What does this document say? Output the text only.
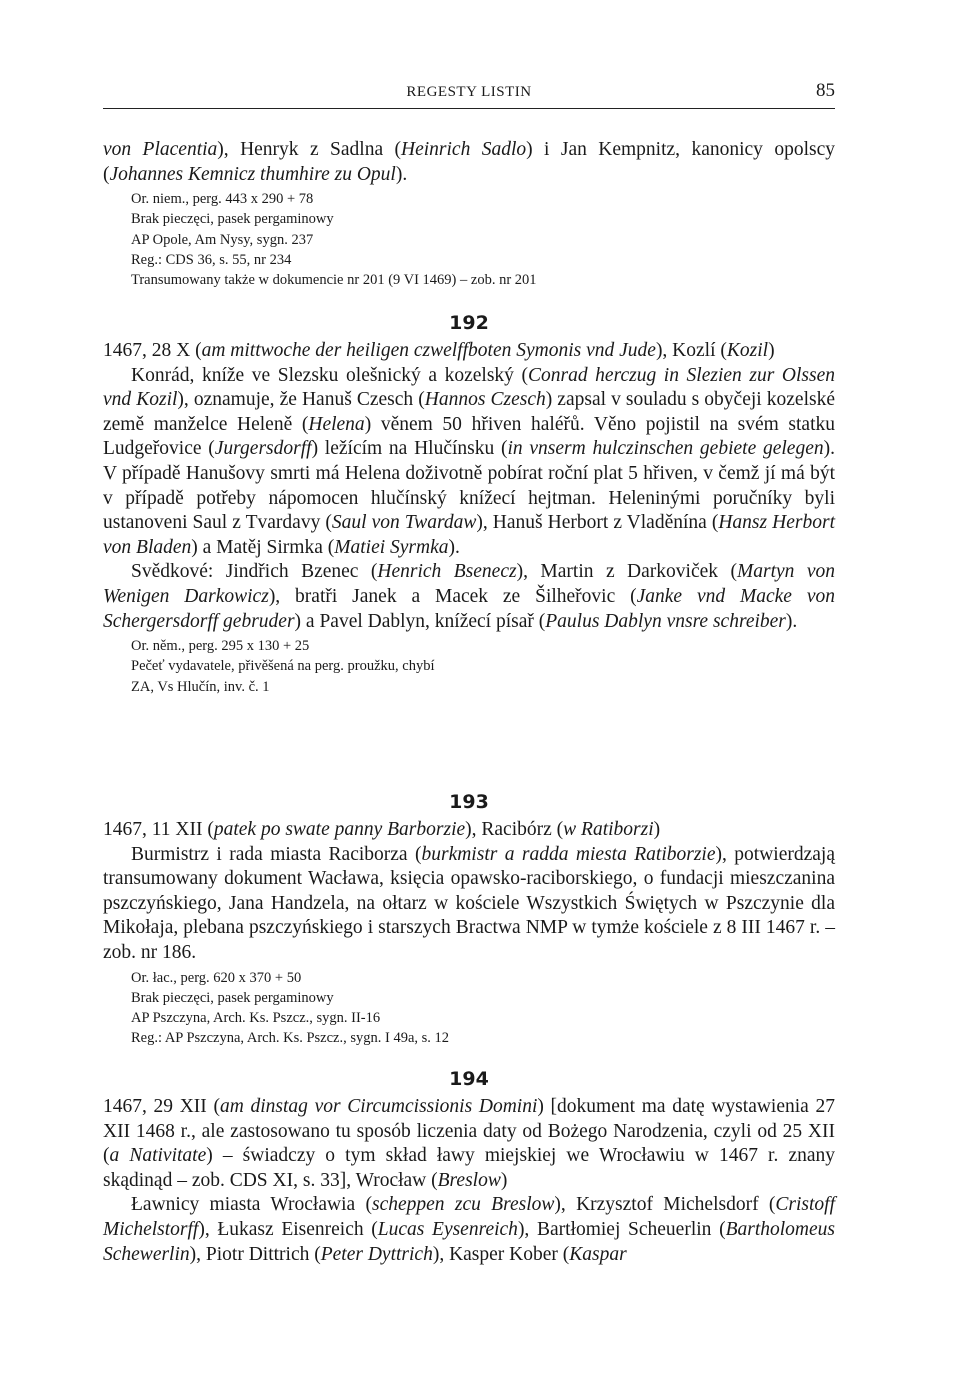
REGESTY LISTIN	85

von Placentia), Henryk z Sadlna (Heinrich Sadlo) i Jan Kempnitz, kanonicy opolscy (Johannes Kemnicz thumhire zu Opul).

Or. niem., perg. 443 x 290 + 78
Brak pieczęci, pasek pergaminowy
AP Opole, Am Nysy, sygn. 237
Reg.: CDS 36, s. 55, nr 234
Transumowany także w dokumencie nr 201 (9 VI 1469) – zob. nr 201

192

1467, 28 X (am mittwoche der heiligen czwelffboten Symonis vnd Jude), Kozlí (Kozil)

Konrád, kníže ve Slezsku olešnický a kozelský (Conrad herczug in Slezien zur Olssen vnd Kozil), oznamuje, že Hanuš Czesch (Hannos Czesch) zapsal v souladu s obyčeji kozelské země manželce Heleně (Helena) věnem 50 hřiven haléřů. Věno pojistil na svém statku Ludgeřovice (Jurgersdorff) ležícím na Hlučínsku (in vnserm hulczinschen gebiete gelegen). V případě Hanušovy smrti má Helena doživotně pobírat roční plat 5 hřiven, v čemž jí má být v případě potřeby nápomocen hlučínský knížecí hejtman. Heleninými poručníky byli ustanoveni Saul z Tvardavy (Saul von Twardaw), Hanuš Herbort z Vladěnína (Hansz Herbort von Bladen) a Matěj Sirmka (Matiei Syrmka).

Svědkové: Jindřich Bzenec (Henrich Bsenecz), Martin z Darkoviček (Martyn von Wenigen Darkowicz), bratři Janek a Macek ze Šilheřovic (Janke vnd Macke von Schergersdorff gebruder) a Pavel Dablyn, knížecí písař (Paulus Dablyn vnsre schreiber).

Or. něm., perg. 295 x 130 + 25
Pečeť vydavatele, přivěšená na perg. proužku, chybí
ZA, Vs Hlučín, inv. č. 1

193

1467, 11 XII (patek po swate panny Barborzie), Racibórz (w Ratiborzi)

Burmistrz i rada miasta Raciborza (burkmistr a radda miesta Ratiborzie), potwierdzają transumowany dokument Wacława, księcia opawsko-raciborskiego, o fundacji mieszczanina pszczyńskiego, Jana Handzela, na ołtarz w kościele Wszystkich Świętych w Pszczynie dla Mikołaja, plebana pszczyńskiego i starszych Bractwa NMP w tymże kościele z 8 III 1467 r. – zob. nr 186.

Or. łac., perg. 620 x 370 + 50
Brak pieczęci, pasek pergaminowy
AP Pszczyna, Arch. Ks. Pszcz., sygn. II-16
Reg.: AP Pszczyna, Arch. Ks. Pszcz., sygn. I 49a, s. 12

194

1467, 29 XII (am dinstag vor Circumcissionis Domini) [dokument ma datę wystawienia 27 XII 1468 r., ale zastosowano tu sposób liczenia daty od Bożego Narodzenia, czyli od 25 XII (a Nativitate) – świadczy o tym skład ławy miejskiej we Wrocławiu w 1467 r. znany skądinąd – zob. CDS XI, s. 33], Wrocław (Breslow)

Ławnicy miasta Wrocławia (scheppen zcu Breslow), Krzysztof Michelsdorf (Cristoff Michelstorff), Łukasz Eisenreich (Lucas Eysenreich), Bartłomiej Scheuerlin (Bartholomeus Schewerlin), Piotr Dittrich (Peter Dyttrich), Kasper Kober (Kaspar
